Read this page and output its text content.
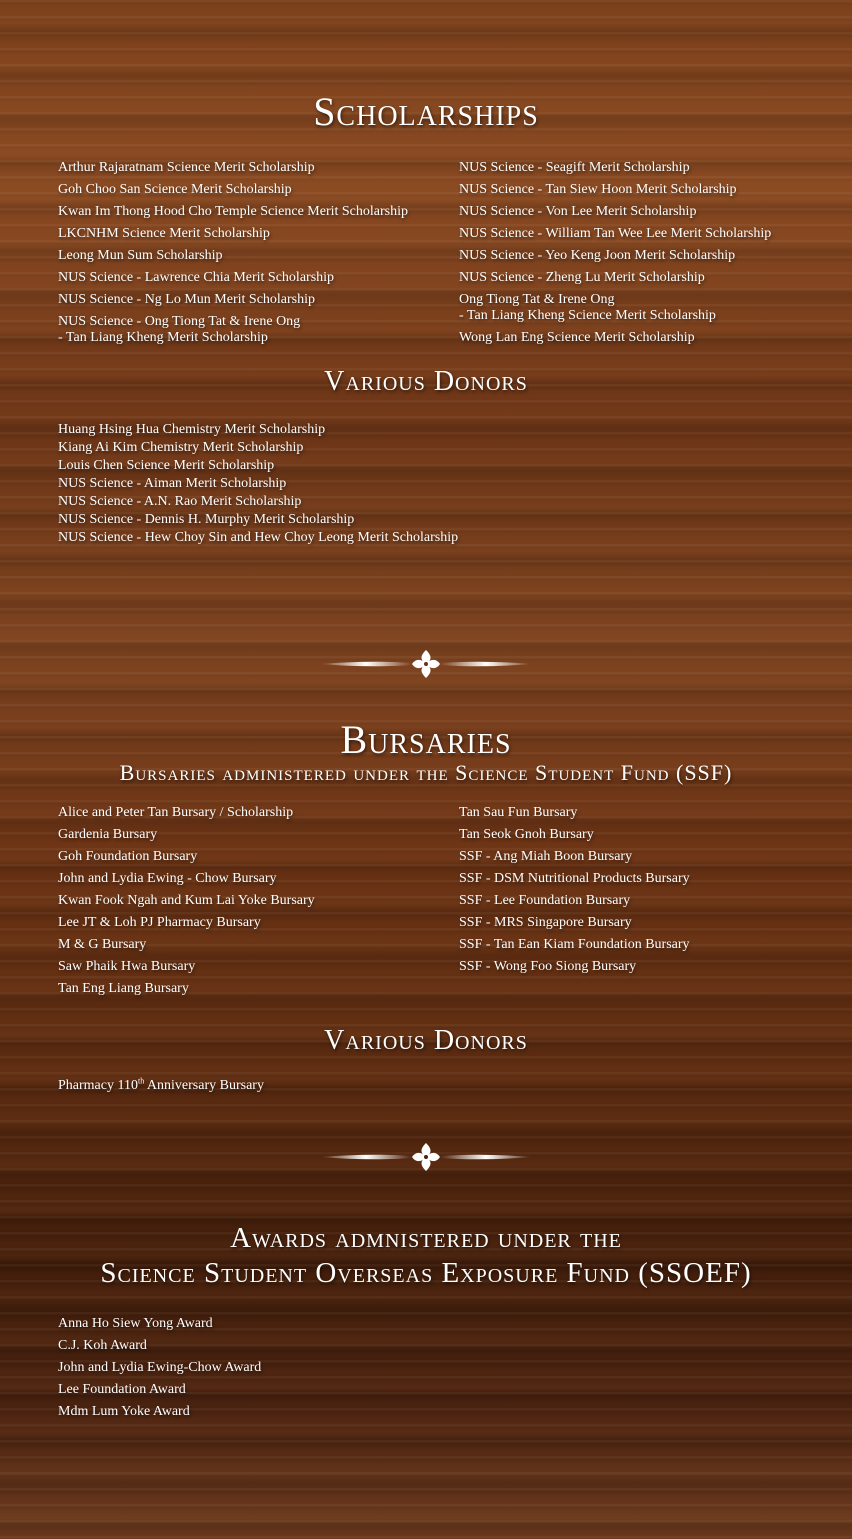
Scholarships
Arthur Rajaratnam Science Merit Scholarship
Goh Choo San Science Merit Scholarship
Kwan Im Thong Hood Cho Temple Science Merit Scholarship
LKCNHM Science Merit Scholarship
Leong Mun Sum Scholarship
NUS Science - Lawrence Chia Merit Scholarship
NUS Science - Ng Lo Mun Merit Scholarship
NUS Science - Ong Tiong Tat & Irene Ong
- Tan Liang Kheng Merit Scholarship
NUS Science - Seagift Merit Scholarship
NUS Science - Tan Siew Hoon Merit Scholarship
NUS Science - Von Lee Merit Scholarship
NUS Science - William Tan Wee Lee Merit Scholarship
NUS Science - Yeo Keng Joon Merit Scholarship
NUS Science - Zheng Lu Merit Scholarship
Ong Tiong Tat & Irene Ong
- Tan Liang Kheng Science Merit Scholarship
Wong Lan Eng Science Merit Scholarship
Various Donors
Huang Hsing Hua Chemistry Merit Scholarship
Kiang Ai Kim Chemistry Merit Scholarship
Louis Chen Science Merit Scholarship
NUS Science - Aiman Merit Scholarship
NUS Science - A.N. Rao Merit Scholarship
NUS Science - Dennis H. Murphy Merit Scholarship
NUS Science - Hew Choy Sin and Hew Choy Leong Merit Scholarship
Bursaries
Bursaries administered under the Science Student Fund (SSF)
Alice and Peter Tan Bursary / Scholarship
Gardenia Bursary
Goh Foundation Bursary
John and Lydia Ewing - Chow Bursary
Kwan Fook Ngah and Kum Lai Yoke Bursary
Lee JT & Loh PJ Pharmacy Bursary
M & G Bursary
Saw Phaik Hwa Bursary
Tan Eng Liang Bursary
Tan Sau Fun Bursary
Tan Seok Gnoh Bursary
SSF - Ang Miah Boon Bursary
SSF - DSM Nutritional Products Bursary
SSF - Lee Foundation Bursary
SSF - MRS Singapore Bursary
SSF - Tan Ean Kiam Foundation Bursary
SSF - Wong Foo Siong Bursary
Various Donors
Pharmacy 110th Anniversary Bursary
Awards admnistered under the
Science Student Overseas Exposure Fund (SSOEF)
Anna Ho Siew Yong Award
C.J. Koh Award
John and Lydia Ewing-Chow Award
Lee Foundation Award
Mdm Lum Yoke Award
